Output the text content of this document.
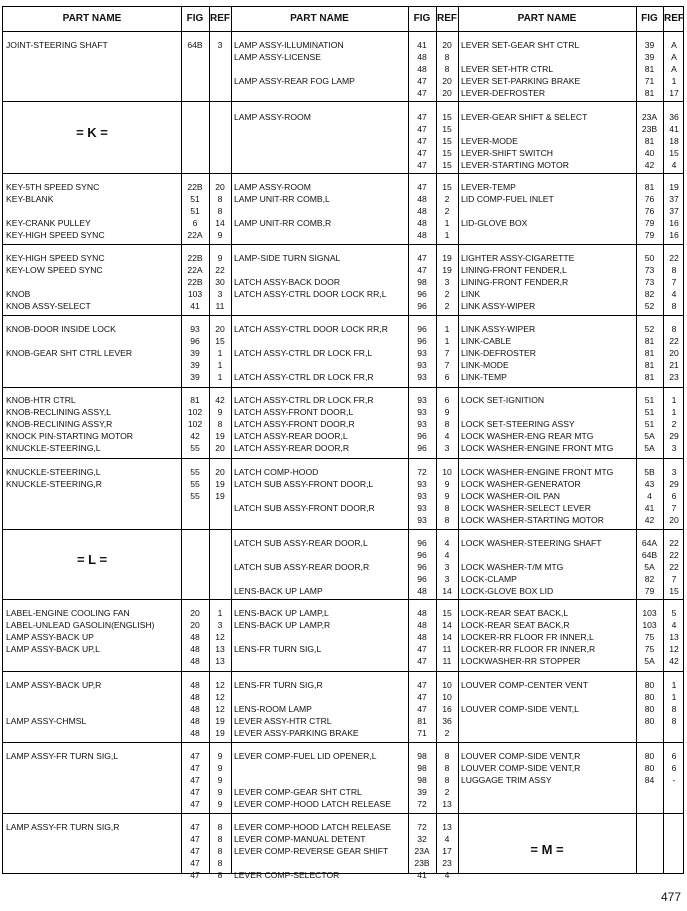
PART NAME	FIG REF
JOINT-STEERING SHAFT	64B	3
KEY-5TH SPEED SYNC	22B	20
KEY-BLANK	51	8
51	8
KEY-CRANK PULLEY	6	14
KEY-HIGH SPEED SYNC	22A	9
KEY-HIGH SPEED SYNC	22B	9
KEY-LOW SPEED SYNC	22A	22
22B	30
KNOB	103	3
KNOB ASSY-SELECT	41	11
KNOB-DOOR INSIDE LOCK	93	20
96	15
KNOB-GEAR SHT CTRL LEVER	39	1
39	1
39	1
KNOB-HTR CTRL	81	42
KNOB-RECLINING ASSY,L	102	9
KNOB-RECLINING ASSY,R	102	8
KNOCK PIN-STARTING MOTOR	42	19
KNUCKLE-STEERING,L	55	20
KNUCKLE-STEERING,L	55	20
KNUCKLE-STEERING,R	55	19
55	19
LABEL-ENGINE COOLING FAN	20	1
LABEL-UNLEAD GASOLIN(ENGLISH)	20	3
LAMP ASSY-BACK UP	48	12
LAMP ASSY-BACK UP,L	48	13
48	13
LAMP ASSY-BACK UP,R	48	12
48	12
48	12
LAMP ASSY-CHMSL	48	19
48	19
LAMP ASSY-FR TURN SIG,L	47	9
47	9
47	9
47	9
47	9
LAMP ASSY-FR TURN SIG,R	47	8
47	8
47	8
47	8
47	8
= K =
= L =
PART NAME	FIG REF
LAMP ASSY-ILLUMINATION	41	20
LAMP ASSY-LICENSE	48	8
48	8
LAMP ASSY-REAR FOG LAMP	47	20
47	20
LAMP ASSY-ROOM	47	15
47	15
47	15
47	15
47	15
LAMP ASSY-ROOM	47	15
LAMP UNIT-RR COMB,L	48	2
48	2
LAMP UNIT-RR COMB,R	48	1
48	1
LAMP-SIDE TURN SIGNAL	47	19
47	19
LATCH ASSY-BACK DOOR	98	3
LATCH ASSY-CTRL DOOR LOCK RR,L	96	2
96	2
LATCH ASSY-CTRL DOOR LOCK RR,R	96	1
96	1
LATCH ASSY-CTRL DR LOCK FR,L	93	7
93	7
LATCH ASSY-CTRL DR LOCK FR,R	93	6
LATCH ASSY-CTRL DR LOCK FR,R	93	6
LATCH ASSY-FRONT DOOR,L	93	9
LATCH ASSY-FRONT DOOR,R	93	8
LATCH ASSY-REAR DOOR,L	96	4
LATCH ASSY-REAR DOOR,R	96	3
LATCH COMP-HOOD	72	10
LATCH SUB ASSY-FRONT DOOR,L	93	9
93	9
LATCH SUB ASSY-FRONT DOOR,R	93	8
93	8
LATCH SUB ASSY-REAR DOOR,L	96	4
96	4
LATCH SUB ASSY-REAR DOOR,R	96	3
96	3
LENS-BACK UP LAMP	48	14
LENS-BACK UP LAMP,L	48	15
LENS-BACK UP LAMP,R	48	14
48	14
LENS-FR TURN SIG,L	47	11
47	11
LENS-FR TURN SIG,R	47	10
47	10
LENS-ROOM LAMP	47	16
LEVER ASSY-HTR CTRL	81	36
LEVER ASSY-PARKING BRAKE	71	2
LEVER COMP-FUEL LID OPENER,L	98	8
98	8
98	8
LEVER COMP-GEAR SHT CTRL	39	2
LEVER COMP-HOOD LATCH RELEASE	72	13
LEVER COMP-HOOD LATCH RELEASE	72	13
LEVER COMP-MANUAL DETENT	32	4
LEVER COMP-REVERSE GEAR SHIFT	23A	17
23B	23
LEVER COMP-SELECTOR	41	4
PART NAME	FIG REF
LEVER SET-GEAR SHT CTRL	39	A
39	A
LEVER SET-HTR CTRL	81	A
LEVER SET-PARKING BRAKE	71	1
LEVER-DEFROSTER	81	17
LEVER-GEAR SHIFT & SELECT	23A	36
23B	41
LEVER-MODE	81	18
LEVER-SHIFT SWITCH	40	15
LEVER-STARTING MOTOR	42	4
LEVER-TEMP	81	19
LID COMP-FUEL INLET	76	37
76	37
LID-GLOVE BOX	79	16
79	16
LIGHTER ASSY-CIGARETTE	50	22
LINING-FRONT FENDER,L	73	8
LINING-FRONT FENDER,R	73	7
LINK	82	4
LINK ASSY-WIPER	52	8
LINK ASSY-WIPER	52	8
LINK-CABLE	81	22
LINK-DEFROSTER	81	20
LINK-MODE	81	21
LINK-TEMP	81	23
LOCK SET-IGNITION	51	1
51	1
LOCK SET-STEERING ASSY	51	2
LOCK WASHER-ENG REAR MTG	5A	29
LOCK WASHER-ENGINE FRONT MTG	5A	3
LOCK WASHER-ENGINE FRONT MTG	5B	3
LOCK WASHER-GENERATOR	43	29
LOCK WASHER-OIL PAN	4	6
LOCK WASHER-SELECT LEVER	41	7
LOCK WASHER-STARTING MOTOR	42	20
LOCK WASHER-STEERING SHAFT	64A	22
64B	22
LOCK WASHER-T/M MTG	5A	22
LOCK-CLAMP	82	7
LOCK-GLOVE BOX LID	79	15
LOCK-REAR SEAT BACK,L	103	5
LOCK-REAR SEAT BACK,R	103	4
LOCKER-RR FLOOR FR INNER,L	75	13
LOCKER-RR FLOOR FR INNER,R	75	12
LOCKWASHER-RR STOPPER	5A	42
LOUVER COMP-CENTER VENT	80	1
80	1
LOUVER COMP-SIDE VENT,L	80	8
80	8
LOUVER COMP-SIDE VENT,R	80	6
LOUVER COMP-SIDE VENT,R	80	6
LUGGAGE TRIM ASSY	84	-
= M =
477
